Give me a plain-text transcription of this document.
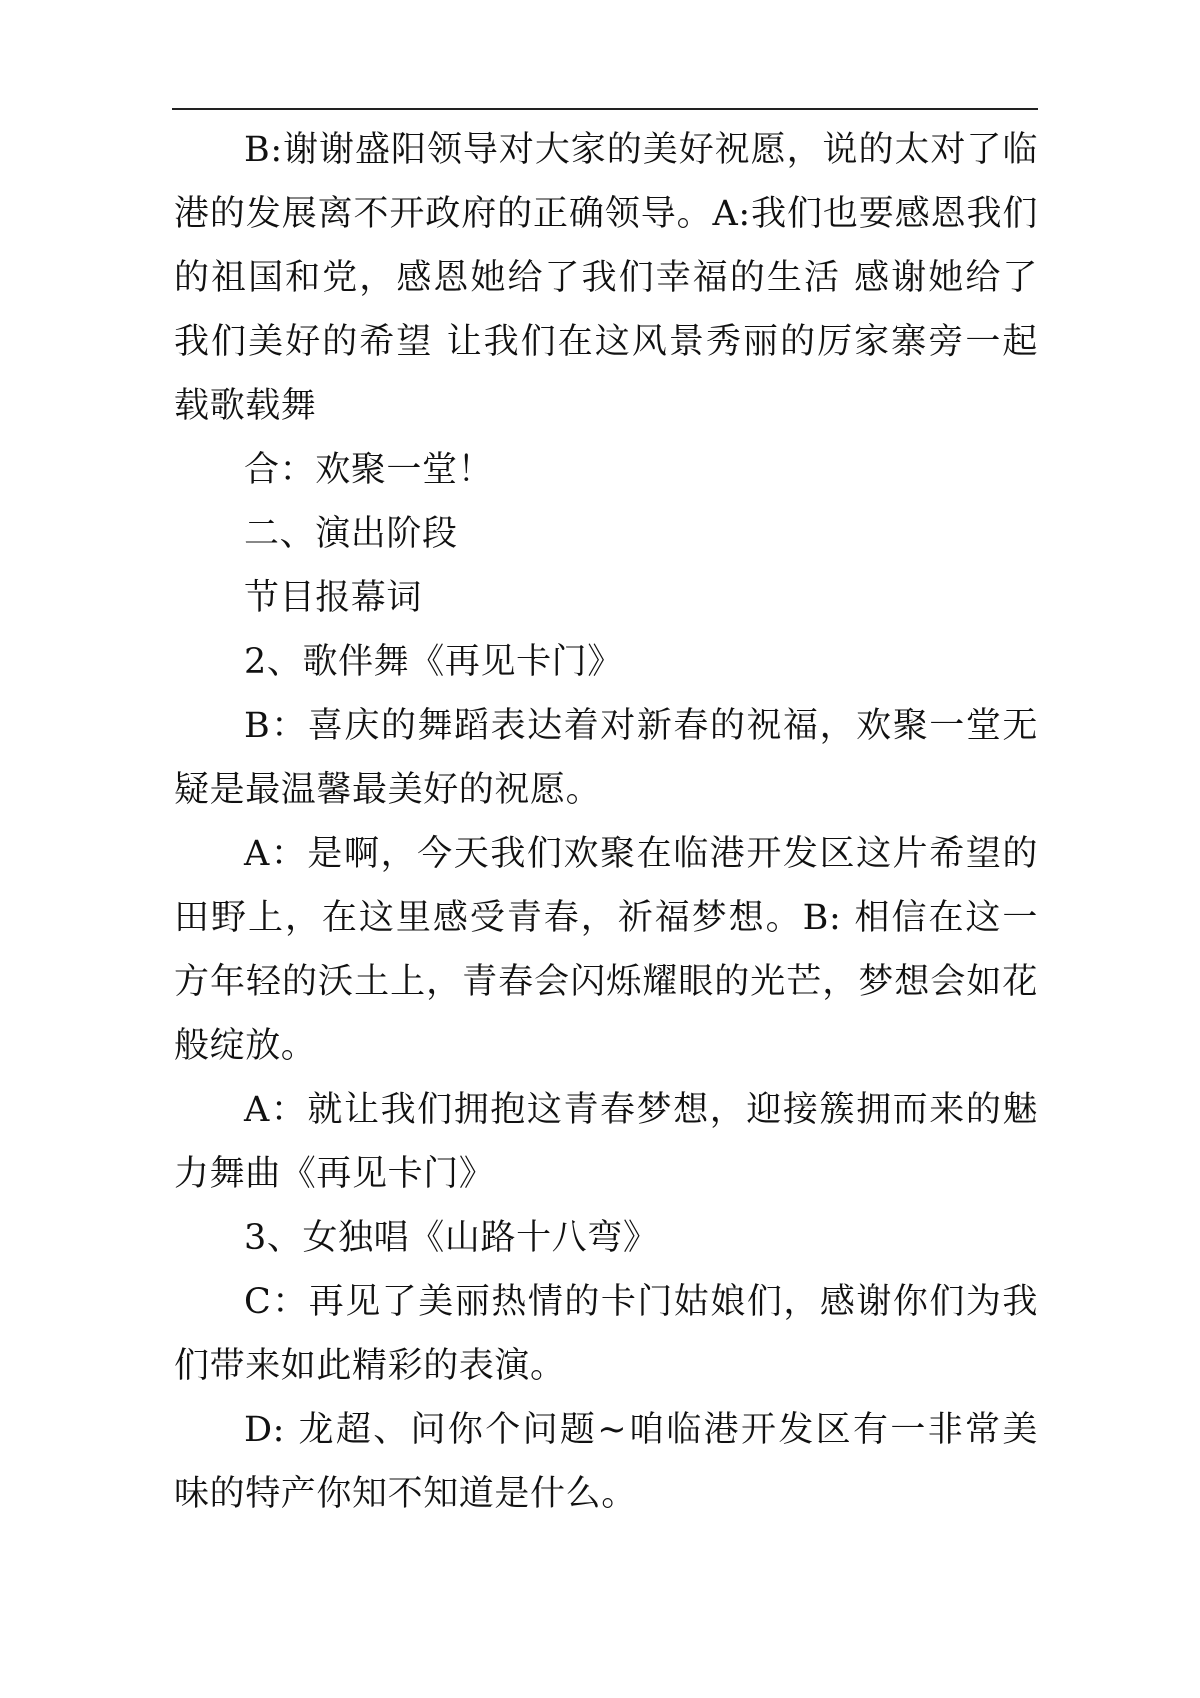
B:谢谢盛阳领导对大家的美好祝愿，说的太对了临港的发展离不开政府的正确领导。A:我们也要感恩我们的祖国和党，感恩她给了我们幸福的生活 感谢她给了我们美好的希望 让我们在这风景秀丽的厉家寨旁一起载歌载舞

合：欢聚一堂！

二、演出阶段

节目报幕词

2、歌伴舞《再见卡门》

B：喜庆的舞蹈表达着对新春的祝福，欢聚一堂无疑是最温馨最美好的祝愿。

A：是啊，今天我们欢聚在临港开发区这片希望的田野上，在这里感受青春，祈福梦想。B: 相信在这一方年轻的沃土上，青春会闪烁耀眼的光芒，梦想会如花般绽放。

A：就让我们拥抱这青春梦想，迎接簇拥而来的魅力舞曲《再见卡门》

3、女独唱《山路十八弯》

C：再见了美丽热情的卡门姑娘们，感谢你们为我们带来如此精彩的表演。

D: 龙超、问你个问题~咱临港开发区有一非常美味的特产你知不知道是什么。
